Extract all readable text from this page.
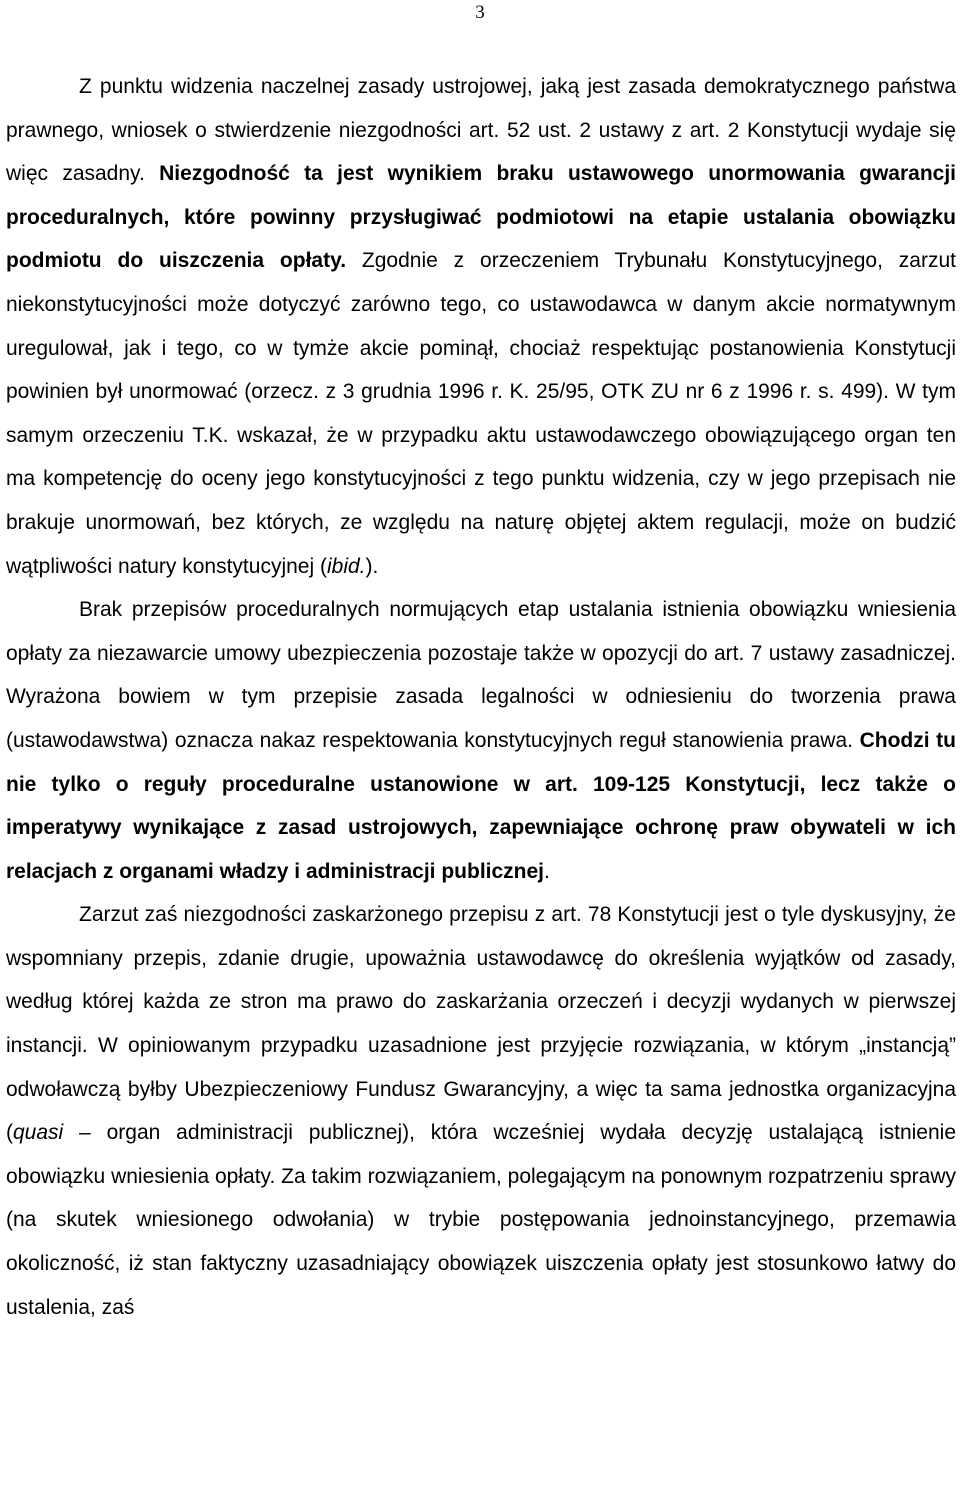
3

Z punktu widzenia naczelnej zasady ustrojowej, jaką jest zasada demokratycznego państwa prawnego, wniosek o stwierdzenie niezgodności art. 52 ust. 2 ustawy z art. 2 Konstytucji wydaje się więc zasadny. Niezgodność ta jest wynikiem braku ustawowego unormowania gwarancji proceduralnych, które powinny przysługiwać podmiotowi na etapie ustalania obowiązku podmiotu do uiszczenia opłaty. Zgodnie z orzeczeniem Trybunału Konstytucyjnego, zarzut niekonstytucyjności może dotyczyć zarówno tego, co ustawodawca w danym akcie normatywnym uregulował, jak i tego, co w tymże akcie pominął, chociaż respektując postanowienia Konstytucji powinien był unormować (orzecz. z 3 grudnia 1996 r. K. 25/95, OTK ZU nr 6 z 1996 r. s. 499). W tym samym orzeczeniu T.K. wskazał, że w przypadku aktu ustawodawczego obowiązującego organ ten ma kompetencję do oceny jego konstytucyjności z tego punktu widzenia, czy w jego przepisach nie brakuje unormowań, bez których, ze względu na naturę objętej aktem regulacji, może on budzić wątpliwości natury konstytucyjnej (ibid.).

Brak przepisów proceduralnych normujących etap ustalania istnienia obowiązku wniesienia opłaty za niezawarcie umowy ubezpieczenia pozostaje także w opozycji do art. 7 ustawy zasadniczej. Wyrażona bowiem w tym przepisie zasada legalności w odniesieniu do tworzenia prawa (ustawodawstwa) oznacza nakaz respektowania konstytucyjnych reguł stanowienia prawa. Chodzi tu nie tylko o reguły proceduralne ustanowione w art. 109-125 Konstytucji, lecz także o imperatywy wynikające z zasad ustrojowych, zapewniające ochronę praw obywateli w ich relacjach z organami władzy i administracji publicznej.

Zarzut zaś niezgodności zaskarżonego przepisu z art. 78 Konstytucji jest o tyle dyskusyjny, że wspomniany przepis, zdanie drugie, upoważnia ustawodawcę do określenia wyjątków od zasady, według której każda ze stron ma prawo do zaskarżania orzeczeń i decyzji wydanych w pierwszej instancji. W opiniowanym przypadku uzasadnione jest przyjęcie rozwiązania, w którym „instancją” odwoławczą byłby Ubezpieczeniowy Fundusz Gwarancyjny, a więc ta sama jednostka organizacyjna (quasi – organ administracji publicznej), która wcześniej wydała decyzję ustalającą istnienie obowiązku wniesienia opłaty. Za takim rozwiązaniem, polegającym na ponownym rozpatrzeniu sprawy (na skutek wniesionego odwołania) w trybie postępowania jednoinstancyjnego, przemawia okoliczność, iż stan faktyczny uzasadniający obowiązek uiszczenia opłaty jest stosunkowo łatwy do ustalenia, zaś
